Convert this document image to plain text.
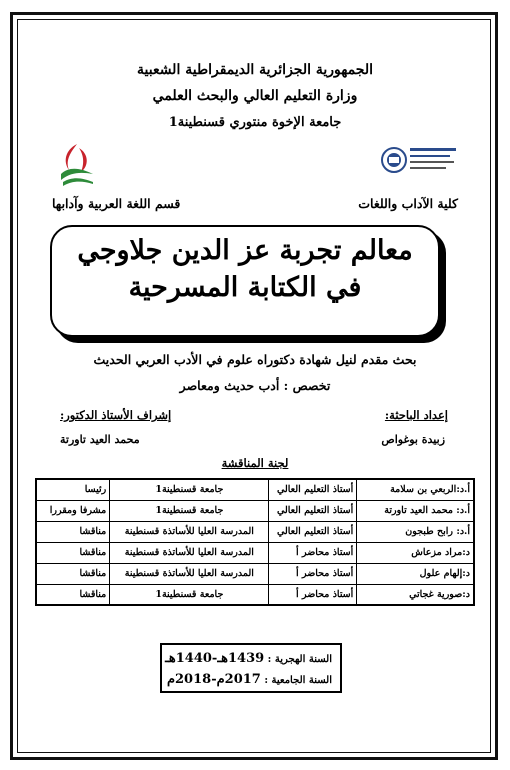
الجمهورية الجزائرية الديمقراطية الشعبية
وزارة التعليم العالي والبحث العلمي
جامعة الإخوة منتوري قسنطينة1
كلية الآداب واللغات
قسم اللغة العربية وآدابها
معالم تجربة عز الدين جلاوجي
في الكتابة المسرحية
بحث مقدم لنيل شهادة دكتوراه علوم في الأدب العربي الحديث
تخصص : أدب حديث ومعاصر
إعداد الباحثة:
إشراف الأستاذ الدكتور:
زبيدة بوغواص
محمد العيد تاورتة
لجنة المناقشة
أ.د:الربعي بن سلامة	أستاذ التعليم العالي	جامعة قسنطينة1	رئيسا
أ.د: محمد العيد تاورتة	أستاذ التعليم العالي	جامعة قسنطينة1	مشرفا ومقررا
أ.د: رابح طبجون	أستاذ التعليم العالي	المدرسة العليا للأساتذة قسنطينة	مناقشا
د:مراد مزعاش	أستاذ محاضر أ	المدرسة العليا للأساتذة قسنطينة	مناقشا
د:إلهام علول	أستاذ محاضر أ	المدرسة العليا للأساتذة قسنطينة	مناقشا
د:صورية غجاتي	أستاذ محاضر أ	جامعة قسنطينة1	مناقشا
السنة الهجرية : 1439هـ-1440هـ
السنة الجامعية : 2017م-2018م
